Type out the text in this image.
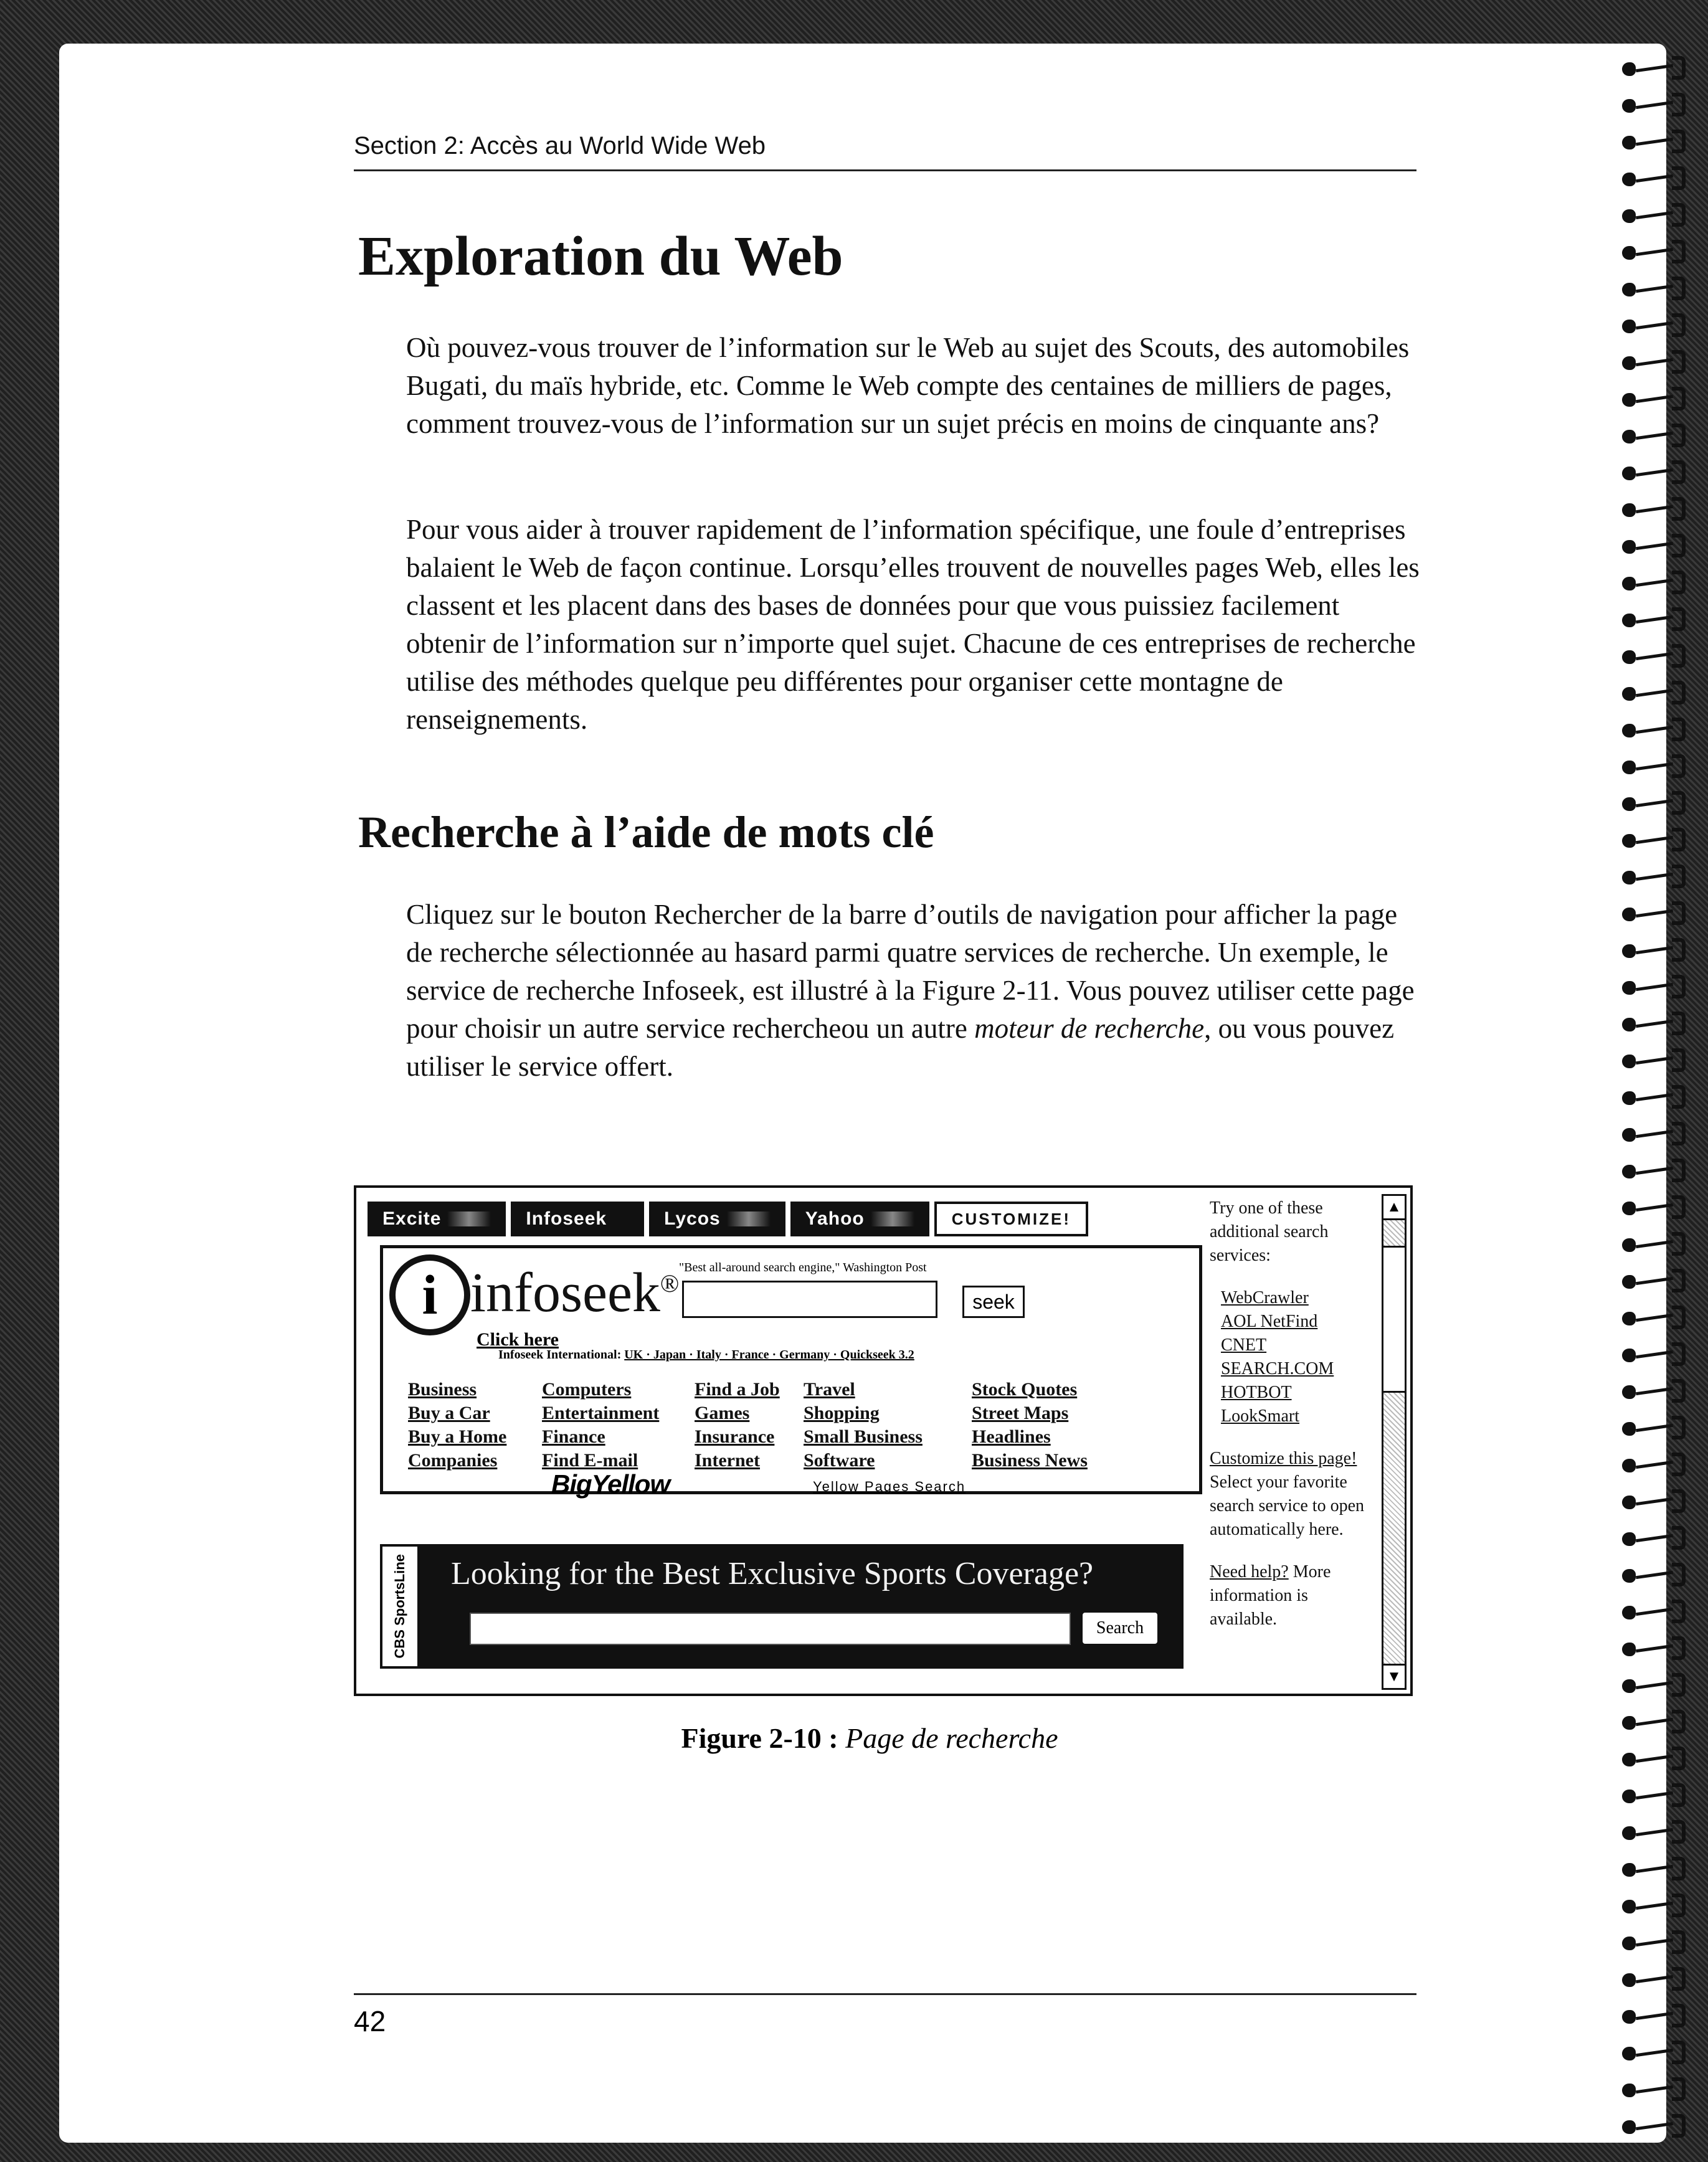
Section 2: Accès au World Wide Web
Exploration du Web

Où pouvez-vous trouver de l’information sur le Web au sujet des Scouts, des automobiles Bugati, du maïs hybride, etc. Comme le Web compte des centaines de milliers de pages, comment trouvez-vous de l’information sur un sujet précis en moins de cinquante ans?

Pour vous aider à trouver rapidement de l’information spécifique, une foule d’entreprises balaient le Web de façon continue. Lorsqu’elles trouvent de nouvelles pages Web, elles les classent et les placent dans des bases de données pour que vous puissiez facilement obtenir de l’information sur n’importe quel sujet. Chacune de ces entreprises de recherche utilise des méthodes quelque peu différentes pour organiser cette montagne de renseignements.

Recherche à l’aide de mots clé

Cliquez sur le bouton Rechercher de la barre d’outils de navigation pour afficher la page de recherche sélectionnée au hasard parmi quatre services de recherche. Un exemple, le service de recherche Infoseek, est illustré à la Figure 2-11. Vous pouvez utiliser cette page pour choisir un autre service rechercheou un autre moteur de recherche, ou vous pouvez utiliser le service offert.

Excite	Infoseek	Lycos	Yahoo	CUSTOMIZE!
i infoseek®
Click here
"Best all-around search engine," Washington Post
seek
Infoseek International: UK · Japan · Italy · France · Germany · Quickseek 3.2
Business	Computers	Find a Job	Travel	Stock Quotes
Buy a Car	Entertainment	Games	Shopping	Street Maps
Buy a Home	Finance	Insurance	Small Business	Headlines
Companies	Find E-mail	Internet	Software	Business News
BigYellow	Yellow Pages Search
CBS SportsLine Looking for the Best Exclusive Sports Coverage?
Search
Try one of these additional search services:
WebCrawler
AOL NetFind
CNET
SEARCH.COM
HOTBOT
LookSmart
Customize this page! Select your favorite search service to open automatically here.
Need help? More information is available.
▲
▼
Figure 2-10 : Page de recherche
42
